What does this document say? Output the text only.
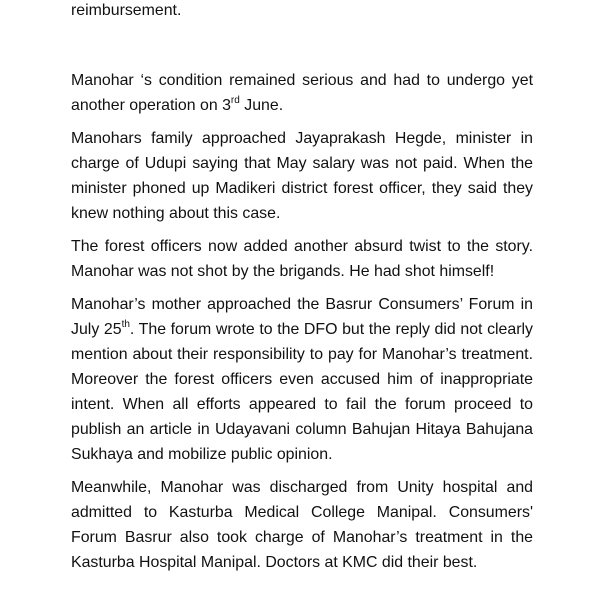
reimbursement.

Manohar ‘s condition remained serious and had to undergo yet another operation on 3rd June.

Manohars family approached Jayaprakash Hegde, minister in charge of Udupi saying that May salary was not paid. When the minister phoned up Madikeri district forest officer, they said they knew nothing about this case.

The forest officers now added another absurd twist to the story. Manohar was not shot by the brigands. He had shot himself!

Manohar’s mother approached the Basrur Consumers’ Forum in July 25th. The forum wrote to the DFO but the reply did not clearly mention about their responsibility to pay for Manohar’s treatment. Moreover the forest officers even accused him of inappropriate intent. When all efforts appeared to fail the forum proceed to publish an article in Udayavani column Bahujan Hitaya Bahujana Sukhaya and mobilize public opinion.

Meanwhile, Manohar was discharged from Unity hospital and admitted to Kasturba Medical College Manipal. Consumers' Forum Basrur also took charge of Manohar’s treatment in the Kasturba Hospital Manipal. Doctors at KMC did their best.
